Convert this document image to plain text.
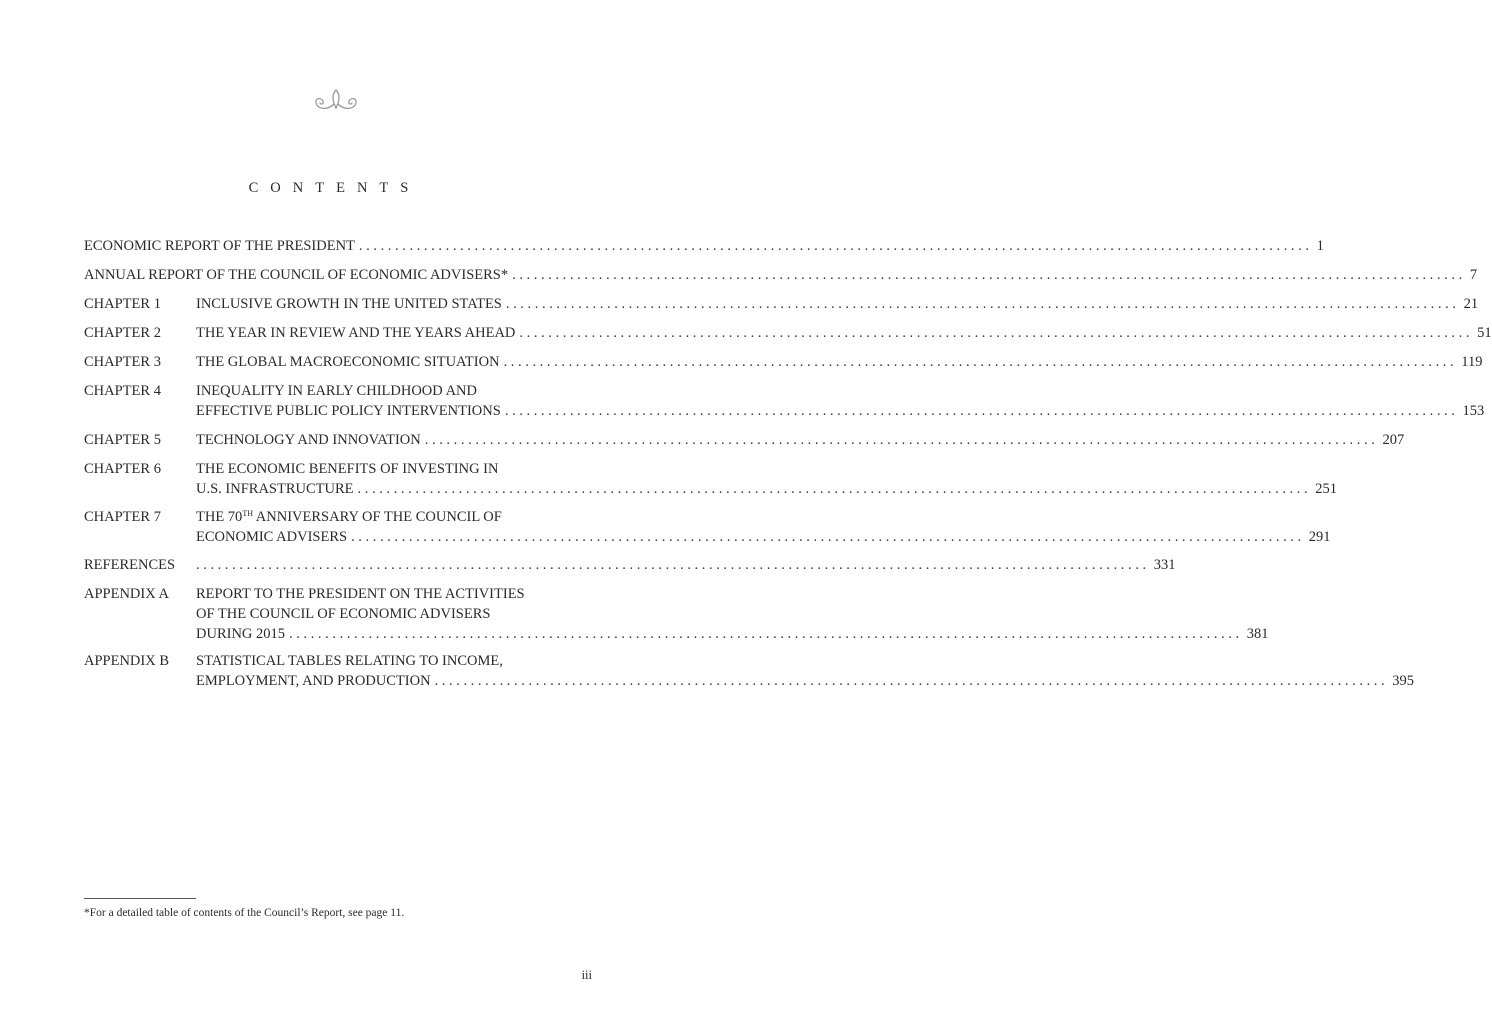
CONTENTS
ECONOMIC REPORT OF THE PRESIDENT .................................................................................................................................... 1
ANNUAL REPORT OF THE COUNCIL OF ECONOMIC ADVISERS* .................................................................................................................................... 7
CHAPTER 1 INCLUSIVE GROWTH IN THE UNITED STATES .................................................................................................................................... 21
CHAPTER 2 THE YEAR IN REVIEW AND THE YEARS AHEAD .................................................................................................................................... 51
CHAPTER 3 THE GLOBAL MACROECONOMIC SITUATION .................................................................................................................................... 119
CHAPTER 4 INEQUALITY IN EARLY CHILDHOOD AND
EFFECTIVE PUBLIC POLICY INTERVENTIONS .................................................................................................................................... 153
CHAPTER 5 TECHNOLOGY AND INNOVATION .................................................................................................................................... 207
CHAPTER 6 THE ECONOMIC BENEFITS OF INVESTING IN
U.S. INFRASTRUCTURE .................................................................................................................................... 251
CHAPTER 7 THE 70TH ANNIVERSARY OF THE COUNCIL OF
ECONOMIC ADVISERS .................................................................................................................................... 291
REFERENCES .................................................................................................................................... 331
APPENDIX A REPORT TO THE PRESIDENT ON THE ACTIVITIES
OF THE COUNCIL OF ECONOMIC ADVISERS
DURING 2015 .................................................................................................................................... 381
APPENDIX B STATISTICAL TABLES RELATING TO INCOME,
EMPLOYMENT, AND PRODUCTION .................................................................................................................................... 395
*For a detailed table of contents of the Council’s Report, see page 11.
iii
